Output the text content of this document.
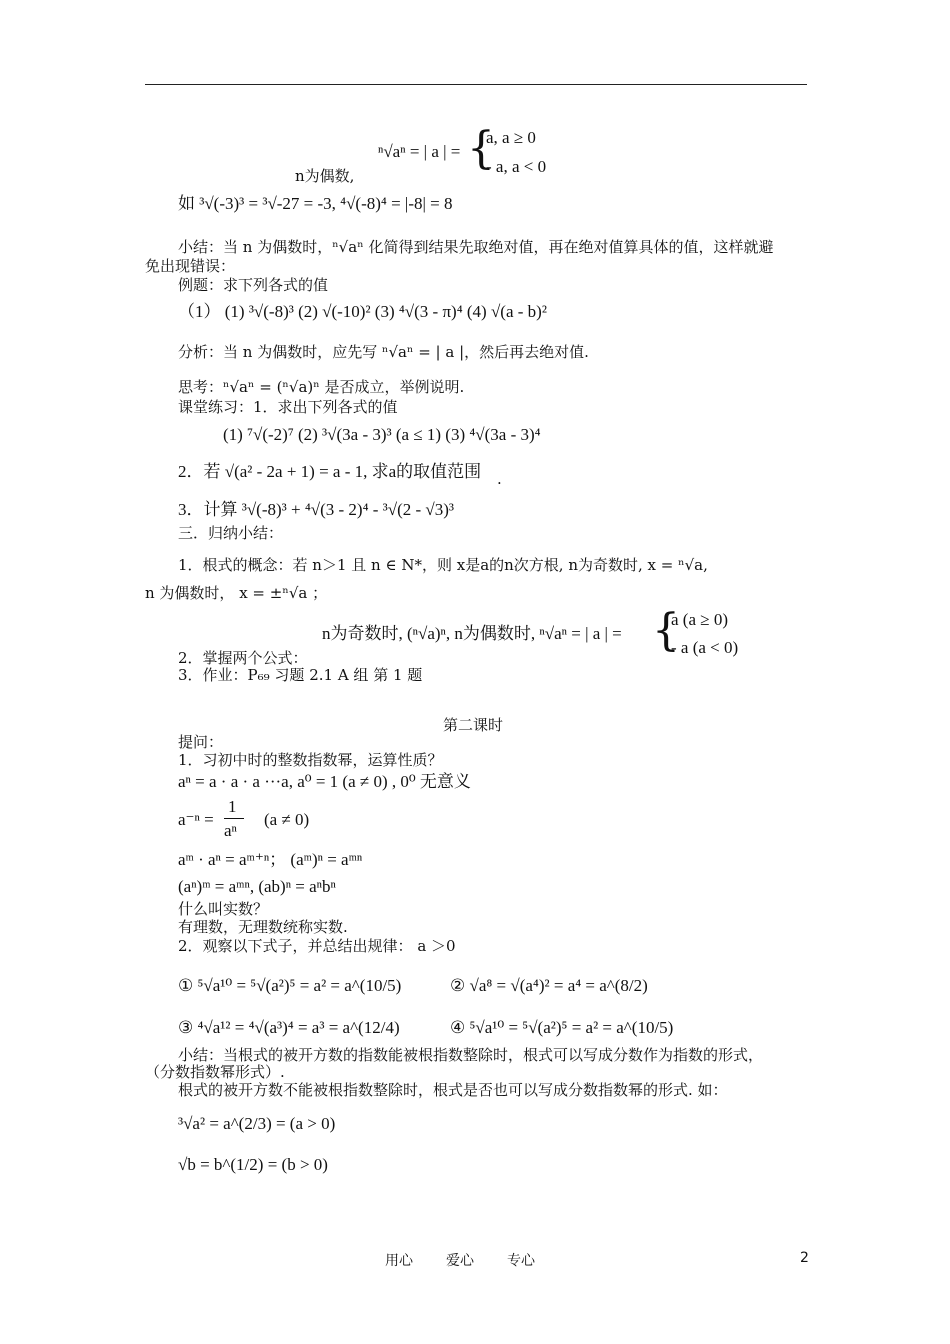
ⁿ√aⁿ = | a | = {
a, a ≥ 0
- a, a < 0
n为偶数,
如 ³√(-3)³ = ³√-27 = -3, ⁴√(-8)⁴ = |-8| = 8
小结：当 n 为偶数时，ⁿ√aⁿ 化简得到结果先取绝对值，再在绝对值算具体的值，这样就避
免出现错误：
例题：求下列各式的值
（1） (1) ³√(-8)³ (2) √(-10)² (3) ⁴√(3 - π)⁴ (4) √(a - b)²
分析：当 n 为偶数时，应先写 ⁿ√aⁿ = | a |，然后再去绝对值.
思考：ⁿ√aⁿ = (ⁿ√a)ⁿ 是否成立，举例说明.
课堂练习：1．求出下列各式的值
(1) ⁷√(-2)⁷ (2) ³√(3a - 3)³ (a ≤ 1) (3) ⁴√(3a - 3)⁴
2．若 √(a² - 2a + 1) = a - 1, 求a的取值范围 .
3．计算 ³√(-8)³ + ⁴√(3 - 2)⁴ - ³√(2 - √3)³
三．归纳小结：
1．根式的概念：若 n＞1 且 n ∈ N*，则 x是a的n次方根, n为奇数时, x = ⁿ√a,
n 为偶数时， x = ±ⁿ√a ；
n为奇数时, (ⁿ√a)ⁿ, n为偶数时, ⁿ√aⁿ = | a | = {
a (a ≥ 0)
- a (a < 0)
2．掌握两个公式：
3．作业：P₆₉ 习题 2.1 A 组 第 1 题
第二课时
提问：
1．习初中时的整数指数幂，运算性质？
aⁿ = a · a · a ···a, a⁰ = 1 (a ≠ 0) , 0⁰ 无意义
a⁻ⁿ =
1
aⁿ
(a ≠ 0)
aᵐ · aⁿ = aᵐ⁺ⁿ； (aᵐ)ⁿ = aᵐⁿ
(aⁿ)ᵐ = aᵐⁿ, (ab)ⁿ = aⁿbⁿ
什么叫实数？
有理数，无理数统称实数.
2．观察以下式子，并总结出规律： a ＞0
① ⁵√a¹⁰ = ⁵√(a²)⁵ = a² = a^(10/5)	② √a⁸ = √(a⁴)² = a⁴ = a^(8/2)
③ ⁴√a¹² = ⁴√(a³)⁴ = a³ = a^(12/4)	④ ⁵√a¹⁰ = ⁵√(a²)⁵ = a² = a^(10/5)
小结：当根式的被开方数的指数能被根指数整除时，根式可以写成分数作为指数的形式，
（分数指数幂形式）.
根式的被开方数不能被根指数整除时，根式是否也可以写成分数指数幂的形式. 如：
³√a² = a^(2/3) = (a > 0)
√b = b^(1/2) = (b > 0)
用心 爱心 专心	2
